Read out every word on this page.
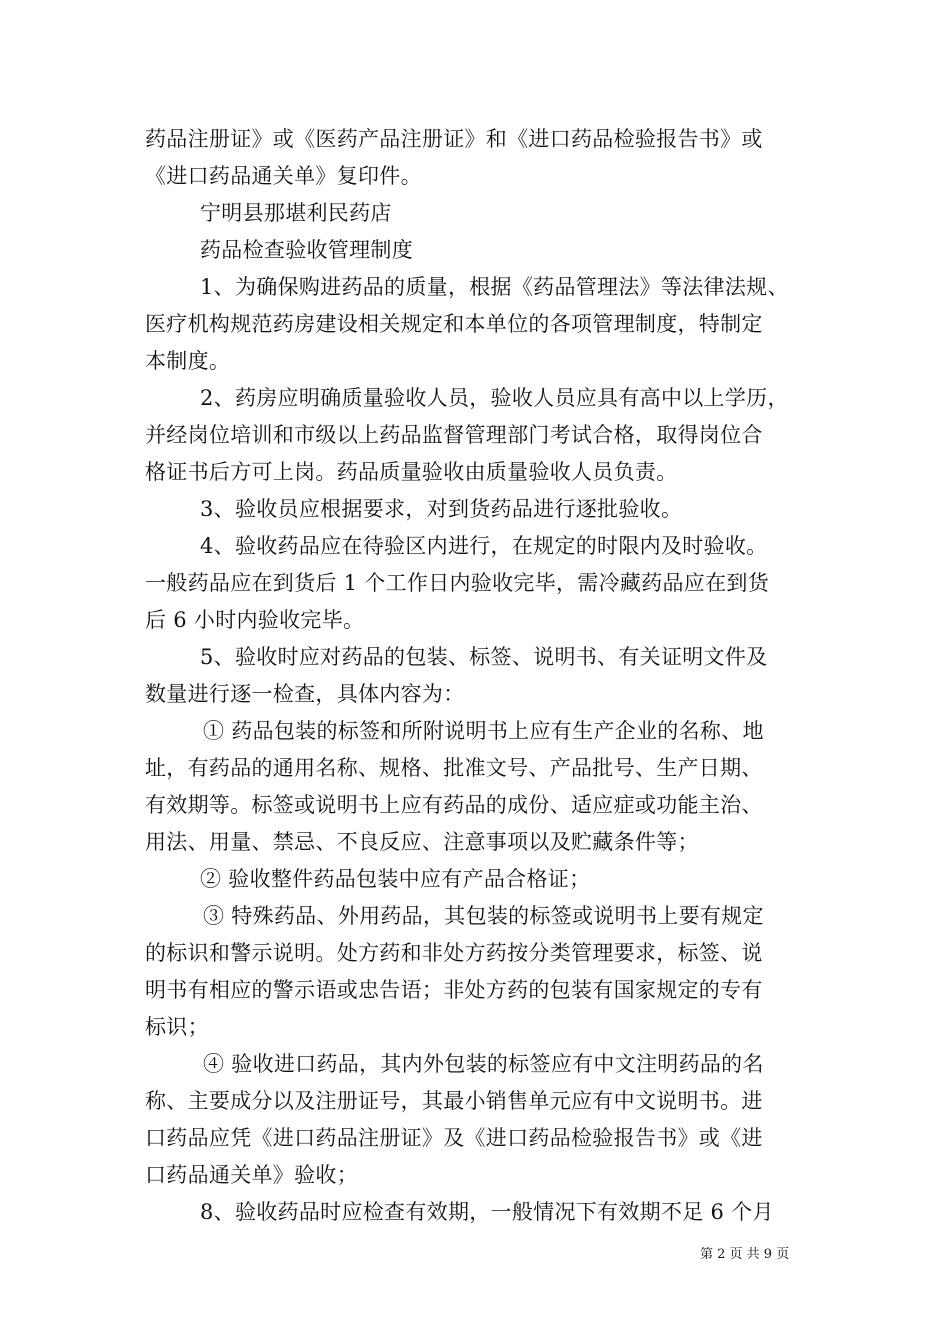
药品注册证》或《医药产品注册证》和《进口药品检验报告书》或
《进口药品通关单》复印件。
宁明县那堪利民药店
药品检查验收管理制度
1、为确保购进药品的质量，根据《药品管理法》等法律法规、
医疗机构规范药房建设相关规定和本单位的各项管理制度，特制定
本制度。
2、药房应明确质量验收人员，验收人员应具有高中以上学历，
并经岗位培训和市级以上药品监督管理部门考试合格，取得岗位合
格证书后方可上岗。药品质量验收由质量验收人员负责。
3、验收员应根据要求，对到货药品进行逐批验收。
4、验收药品应在待验区内进行，在规定的时限内及时验收。
一般药品应在到货后 1 个工作日内验收完毕，需冷藏药品应在到货
后 6 小时内验收完毕。
5、验收时应对药品的包装、标签、说明书、有关证明文件及
数量进行逐一检查，具体内容为：
① 药品包装的标签和所附说明书上应有生产企业的名称、地
址，有药品的通用名称、规格、批准文号、产品批号、生产日期、
有效期等。标签或说明书上应有药品的成份、适应症或功能主治、
用法、用量、禁忌、不良反应、注意事项以及贮藏条件等；
② 验收整件药品包装中应有产品合格证；
③ 特殊药品、外用药品，其包装的标签或说明书上要有规定
的标识和警示说明。处方药和非处方药按分类管理要求，标签、说
明书有相应的警示语或忠告语；非处方药的包装有国家规定的专有
标识；
④ 验收进口药品，其内外包装的标签应有中文注明药品的名
称、主要成分以及注册证号，其最小销售单元应有中文说明书。进
口药品应凭《进口药品注册证》及《进口药品检验报告书》或《进
口药品通关单》验收；
8、验收药品时应检查有效期，一般情况下有效期不足 6 个月
第 2 页 共 9 页
